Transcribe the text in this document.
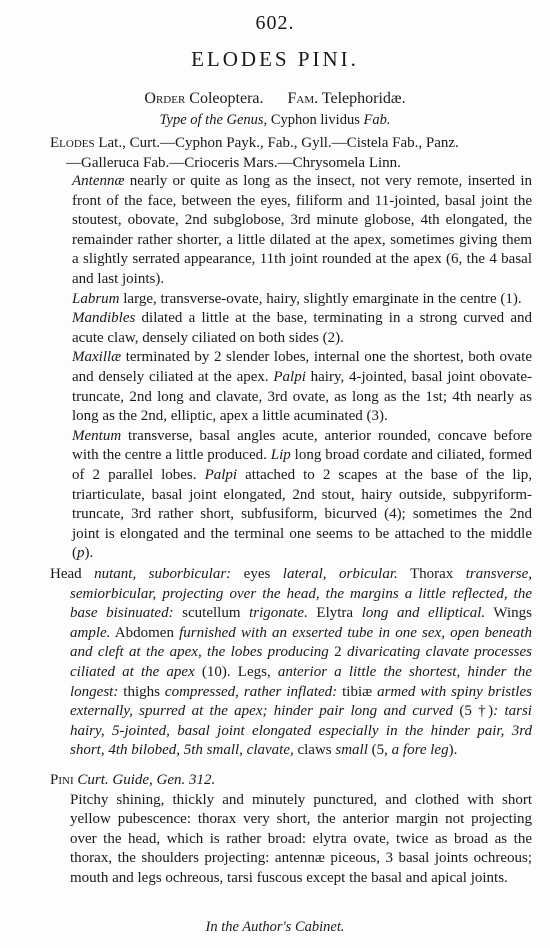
602.
ELODES PINI.
Order Coleoptera. Fam. Telephoridæ.
Type of the Genus, Cyphon lividus Fab.
Elodes Lat., Curt.—Cyphon Payk., Fab., Gyll.—Cistela Fab., Panz.
—Galleruca Fab.—Crioceris Mars.—Chrysomela Linn.

Antennæ nearly or quite as long as the insect, not very remote, inserted in front of the face, between the eyes, filiform and 11-jointed, basal joint the stoutest, obovate, 2nd subglobose, 3rd minute globose, 4th elongated, the remainder rather shorter, a little dilated at the apex, sometimes giving them a slightly serrated appearance, 11th joint rounded at the apex (6, the 4 basal and last joints).

Labrum large, transverse-ovate, hairy, slightly emarginate in the centre (1).

Mandibles dilated a little at the base, terminating in a strong curved and acute claw, densely ciliated on both sides (2).

Maxillæ terminated by 2 slender lobes, internal one the shortest, both ovate and densely ciliated at the apex. Palpi hairy, 4-jointed, basal joint obovate-truncate, 2nd long and clavate, 3rd ovate, as long as the 1st; 4th nearly as long as the 2nd, elliptic, apex a little acuminated (3).

Mentum transverse, basal angles acute, anterior rounded, concave before with the centre a little produced. Lip long broad cordate and ciliated, formed of 2 parallel lobes. Palpi attached to 2 scapes at the base of the lip, triarticulate, basal joint elongated, 2nd stout, hairy outside, subpyriform-truncate, 3rd rather short, subfusiform, bicurved (4); sometimes the 2nd joint is elongated and the terminal one seems to be attached to the middle (p).

Head nutant, suborbicular: eyes lateral, orbicular. Thorax transverse, semiorbicular, projecting over the head, the margins a little reflected, the base bisinuated: scutellum trigonate. Elytra long and elliptical. Wings ample. Abdomen furnished with an exserted tube in one sex, open beneath and cleft at the apex, the lobes producing 2 divaricating clavate processes ciliated at the apex (10). Legs, anterior a little the shortest, hinder the longest: thighs compressed, rather inflated: tibiæ armed with spiny bristles externally, spurred at the apex; hinder pair long and curved (5 †): tarsi hairy, 5-jointed, basal joint elongated especially in the hinder pair, 3rd short, 4th bilobed, 5th small, clavate, claws small (5, a fore leg).

Pini Curt. Guide, Gen. 312.
Pitchy shining, thickly and minutely punctured, and clothed with short yellow pubescence: thorax very short, the anterior margin not projecting over the head, which is rather broad: elytra ovate, twice as broad as the thorax, the shoulders projecting: antennæ piceous, 3 basal joints ochreous; mouth and legs ochreous, tarsi fuscous except the basal and apical joints.
In the Author's Cabinet.
